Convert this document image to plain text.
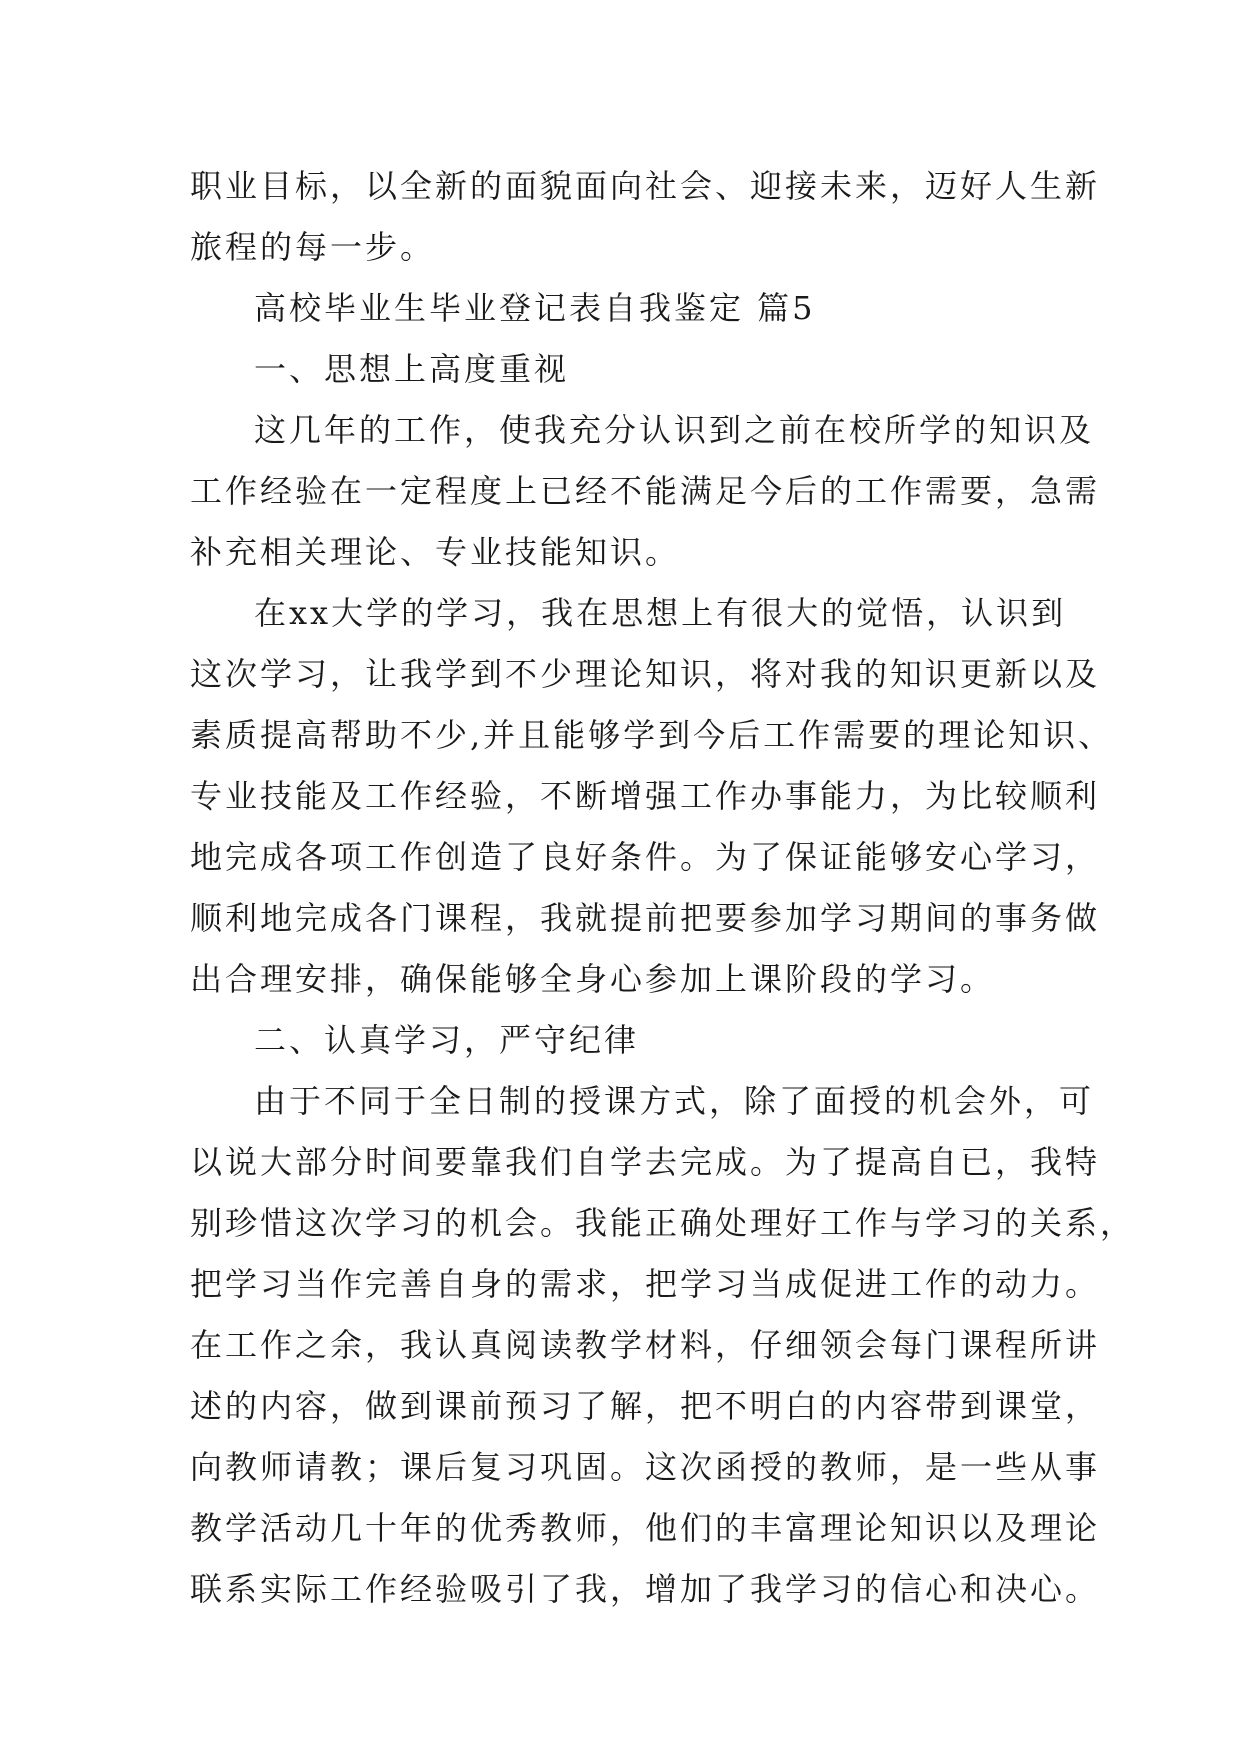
职业目标，以全新的面貌面向社会、迎接未来，迈好人生新
旅程的每一步。
高校毕业生毕业登记表自我鉴定 篇5
一、思想上高度重视
这几年的工作，使我充分认识到之前在校所学的知识及
工作经验在一定程度上已经不能满足今后的工作需要，急需
补充相关理论、专业技能知识。
在xx大学的学习，我在思想上有很大的觉悟，认识到
这次学习，让我学到不少理论知识，将对我的知识更新以及
素质提高帮助不少,并且能够学到今后工作需要的理论知识、
专业技能及工作经验，不断增强工作办事能力，为比较顺利
地完成各项工作创造了良好条件。为了保证能够安心学习，
顺利地完成各门课程，我就提前把要参加学习期间的事务做
出合理安排，确保能够全身心参加上课阶段的学习。
二、认真学习，严守纪律
由于不同于全日制的授课方式，除了面授的机会外，可
以说大部分时间要靠我们自学去完成。为了提高自已，我特
别珍惜这次学习的机会。我能正确处理好工作与学习的关系，
把学习当作完善自身的需求，把学习当成促进工作的动力。
在工作之余，我认真阅读教学材料，仔细领会每门课程所讲
述的内容，做到课前预习了解，把不明白的内容带到课堂，
向教师请教；课后复习巩固。这次函授的教师，是一些从事
教学活动几十年的优秀教师，他们的丰富理论知识以及理论
联系实际工作经验吸引了我，增加了我学习的信心和决心。
